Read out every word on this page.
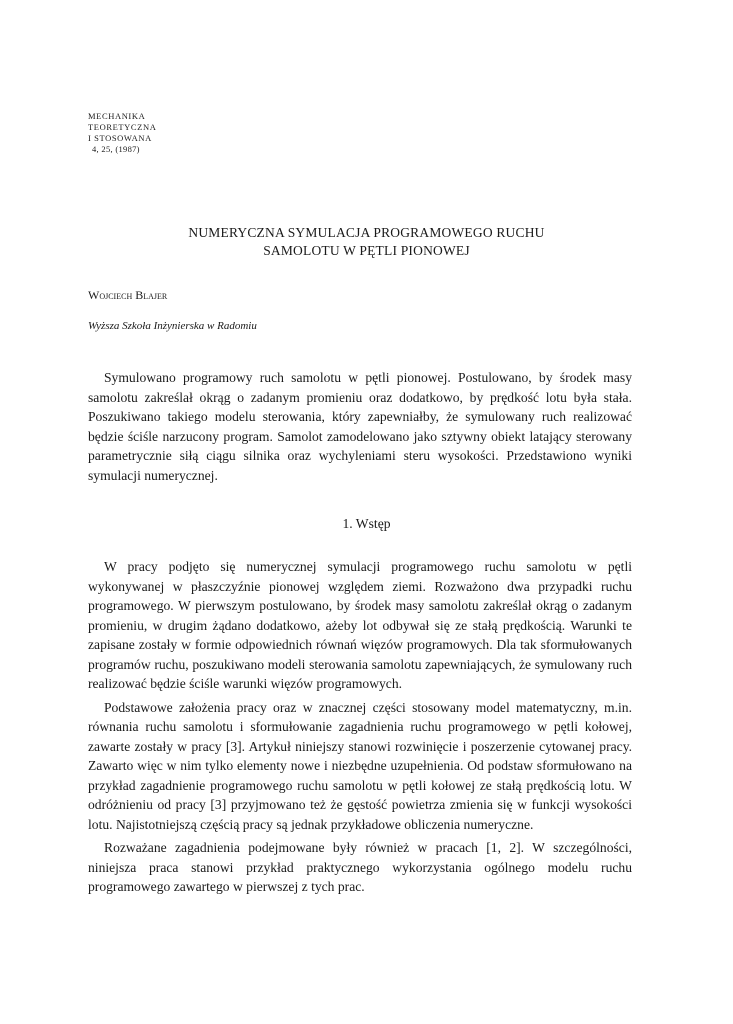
MECHANIKA
TEORETYCZNA
I STOSOWANA
4, 25, (1987)
NUMERYCZNA SYMULACJA PROGRAMOWEGO RUCHU
SAMOLOTU W PĘTLI PIONOWEJ
Wojciech Blajer
Wyższa Szkoła Inżynierska w Radomiu

Symulowano programowy ruch samolotu w pętli pionowej. Postulowano, by środek masy samolotu zakreślał okrąg o zadanym promieniu oraz dodatkowo, by prędkość lotu była stała. Poszukiwano takiego modelu sterowania, który zapewniałby, że symulowany ruch realizować będzie ściśle narzucony program. Samolot zamodelowano jako sztywny obiekt latający sterowany parametrycznie siłą ciągu silnika oraz wychyleniami steru wysokości. Przedstawiono wyniki symulacji numerycznej.

1. Wstęp

W pracy podjęto się numerycznej symulacji programowego ruchu samolotu w pętli wykonywanej w płaszczyźnie pionowej względem ziemi. Rozważono dwa przypadki ruchu programowego. W pierwszym postulowano, by środek masy samolotu zakreślał okrąg o zadanym promieniu, w drugim żądano dodatkowo, ażeby lot odbywał się ze stałą prędkością. Warunki te zapisane zostały w formie odpowiednich równań więzów programowych. Dla tak sformułowanych programów ruchu, poszukiwano modeli sterowania samolotu zapewniających, że symulowany ruch realizować będzie ściśle warunki więzów programowych.

Podstawowe założenia pracy oraz w znacznej części stosowany model matematyczny, m.in. równania ruchu samolotu i sformułowanie zagadnienia ruchu programowego w pętli kołowej, zawarte zostały w pracy [3]. Artykuł niniejszy stanowi rozwinięcie i poszerzenie cytowanej pracy. Zawarto więc w nim tylko elementy nowe i niezbędne uzupełnienia. Od podstaw sformułowano na przykład zagadnienie programowego ruchu samolotu w pętli kołowej ze stałą prędkością lotu. W odróżnieniu od pracy [3] przyjmowano też że gęstość powietrza zmienia się w funkcji wysokości lotu. Najistotniejszą częścią pracy są jednak przykładowe obliczenia numeryczne.

Rozważane zagadnienia podejmowane były również w pracach [1, 2]. W szczególności, niniejsza praca stanowi przykład praktycznego wykorzystania ogólnego modelu ruchu programowego zawartego w pierwszej z tych prac.
